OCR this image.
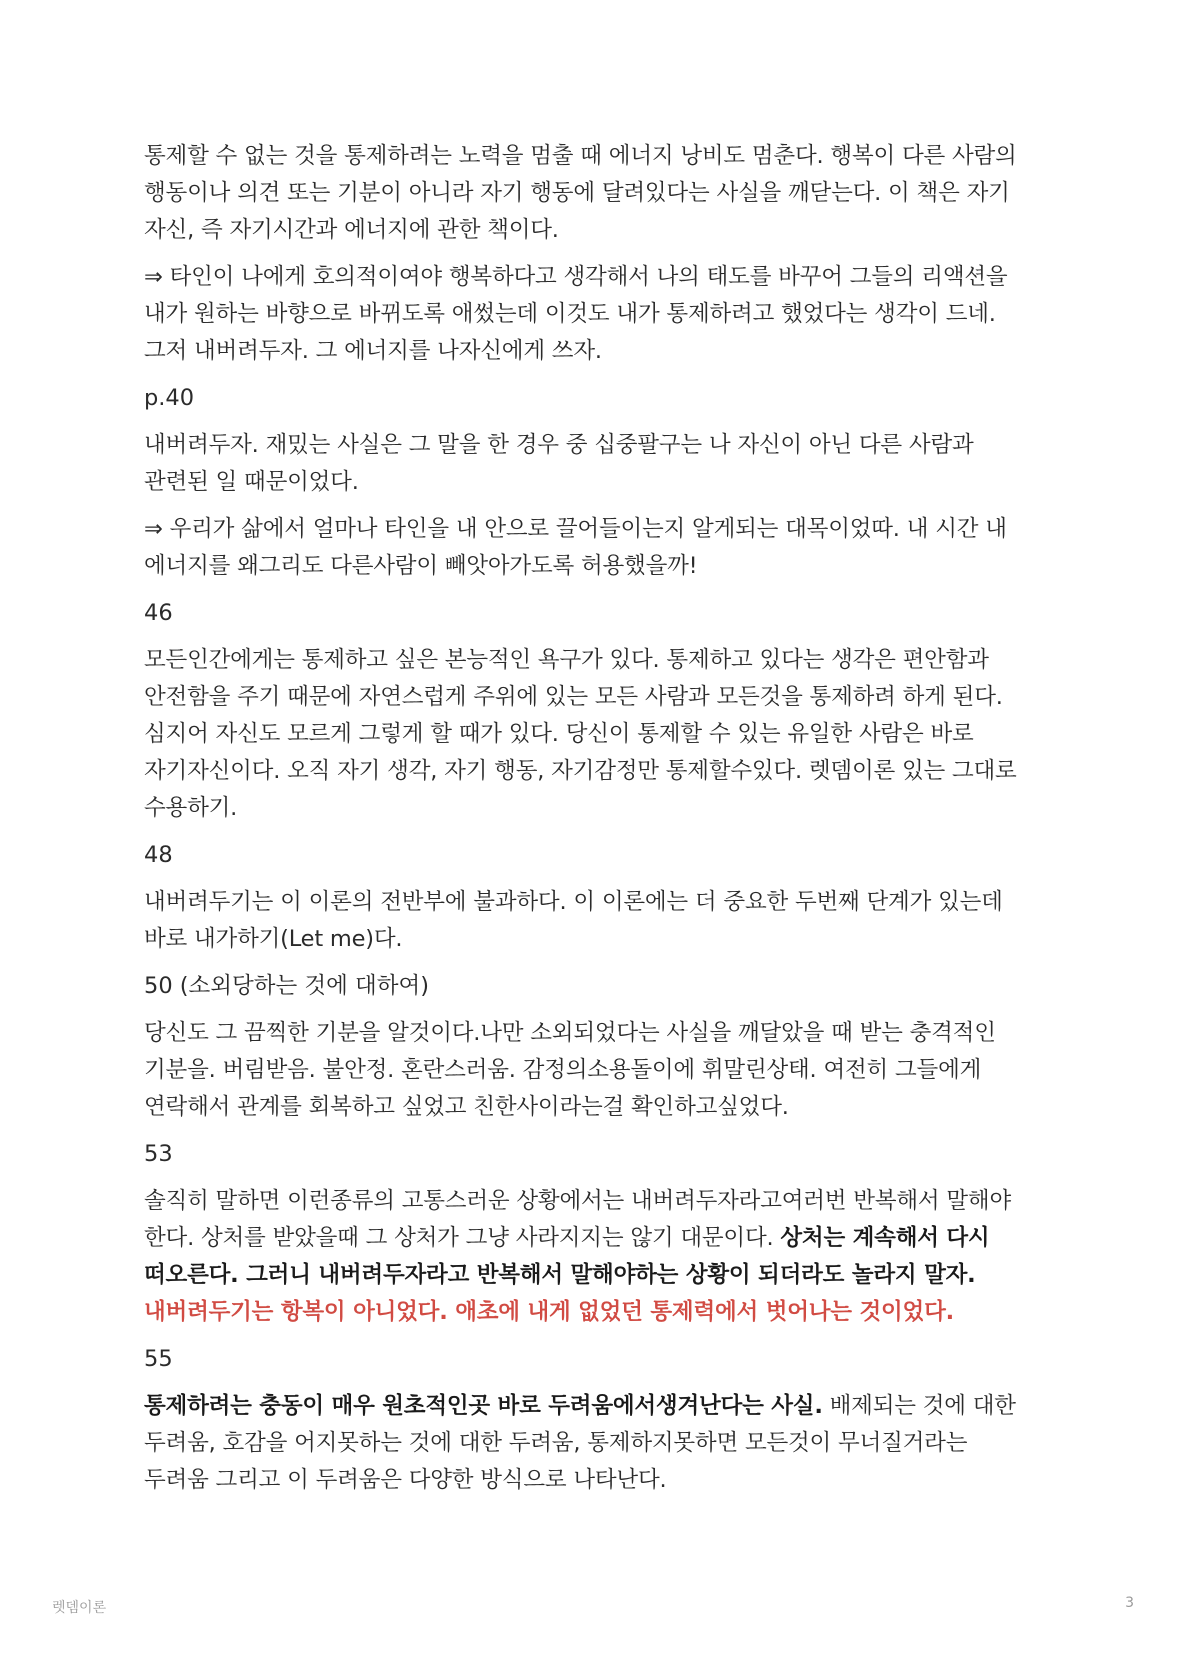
통제할 수 없는 것을 통제하려는 노력을 멈출 때 에너지 낭비도 멈춘다. 행복이 다른 사람의 행동이나 의견 또는 기분이 아니라 자기 행동에 달려있다는 사실을 깨닫는다. 이 책은 자기 자신, 즉 자기시간과 에너지에 관한 책이다.

⇒ 타인이 나에게 호의적이여야 행복하다고 생각해서 나의 태도를 바꾸어 그들의 리액션을 내가 원하는 바향으로 바뀌도록 애썼는데 이것도 내가 통제하려고 했었다는 생각이 드네. 그저 내버려두자. 그 에너지를 나자신에게 쓰자.

p.40

내버려두자. 재밌는 사실은 그 말을 한 경우 중 십중팔구는 나 자신이 아닌 다른 사람과 관련된 일 때문이었다.

⇒ 우리가 삶에서 얼마나 타인을 내 안으로 끌어들이는지 알게되는 대목이었따. 내 시간 내 에너지를 왜그리도 다른사람이 빼앗아가도록 허용했을까!

46

모든인간에게는 통제하고 싶은 본능적인 욕구가 있다. 통제하고 있다는 생각은 편안함과 안전함을 주기 때문에 자연스럽게 주위에 있는 모든 사람과 모든것을 통제하려 하게 된다. 심지어 자신도 모르게 그렇게 할 때가 있다. 당신이 통제할 수 있는 유일한 사람은 바로 자기자신이다. 오직 자기 생각, 자기 행동, 자기감정만 통제할수있다. 렛뎀이론 있는 그대로 수용하기.

48

내버려두기는 이 이론의 전반부에 불과하다. 이 이론에는 더 중요한 두번째 단계가 있는데 바로 내가하기(Let me)다.

50 (소외당하는 것에 대하여)

당신도 그 끔찍한 기분을 알것이다.나만 소외되었다는 사실을 깨달았을 때 받는 충격적인 기분을. 버림받음. 불안정. 혼란스러움. 감정의소용돌이에 휘말린상태. 여전히 그들에게 연락해서 관계를 회복하고 싶었고 친한사이라는걸 확인하고싶었다.

53

솔직히 말하면 이런종류의 고통스러운 상황에서는 내버려두자라고여러번 반복해서 말해야 한다. 상처를 받았을때 그 상처가 그냥 사라지지는 않기 대문이다. 상처는 계속해서 다시 떠오른다. 그러니 내버려두자라고 반복해서 말해야하는 상황이 되더라도 놀라지 말자. 내버려두기는 항복이 아니었다. 애초에 내게 없었던 통제력에서 벗어나는 것이었다.

55

통제하려는 충동이 매우 원초적인곳 바로 두려움에서생겨난다는 사실. 배제되는 것에 대한 두려움, 호감을 어지못하는 것에 대한 두려움, 통제하지못하면 모든것이 무너질거라는 두려움 그리고 이 두려움은 다양한 방식으로 나타난다.

렛뎀이론	3
